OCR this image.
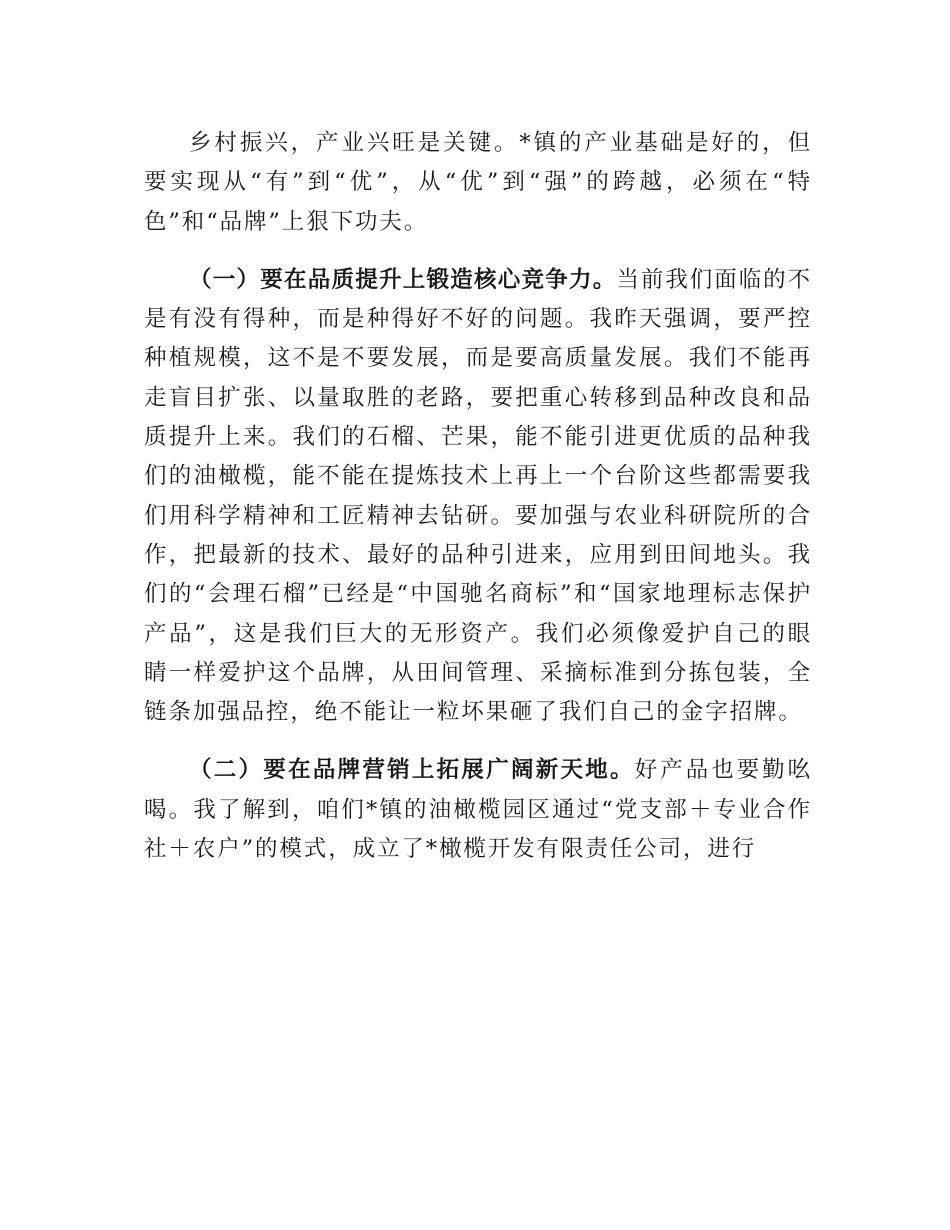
乡村振兴，产业兴旺是关键。*镇的产业基础是好的，但要实现从“有”到“优”，从“优”到“强”的跨越，必须在“特色”和“品牌”上狠下功夫。

（一）要在品质提升上锻造核心竞争力。当前我们面临的不是有没有得种，而是种得好不好的问题。我昨天强调，要严控种植规模，这不是不要发展，而是要高质量发展。我们不能再走盲目扩张、以量取胜的老路，要把重心转移到品种改良和品质提升上来。我们的石榴、芒果，能不能引进更优质的品种我们的油橄榄，能不能在提炼技术上再上一个台阶这些都需要我们用科学精神和工匠精神去钻研。要加强与农业科研院所的合作，把最新的技术、最好的品种引进来，应用到田间地头。我们的“会理石榴”已经是“中国驰名商标”和“国家地理标志保护产品”，这是我们巨大的无形资产。我们必须像爱护自己的眼睛一样爱护这个品牌，从田间管理、采摘标准到分拣包装，全链条加强品控，绝不能让一粒坏果砸了我们自己的金字招牌。

（二）要在品牌营销上拓展广阔新天地。好产品也要勤吆喝。我了解到，咱们*镇的油橄榄园区通过“党支部＋专业合作社＋农户”的模式，成立了*橄榄开发有限责任公司，进行
